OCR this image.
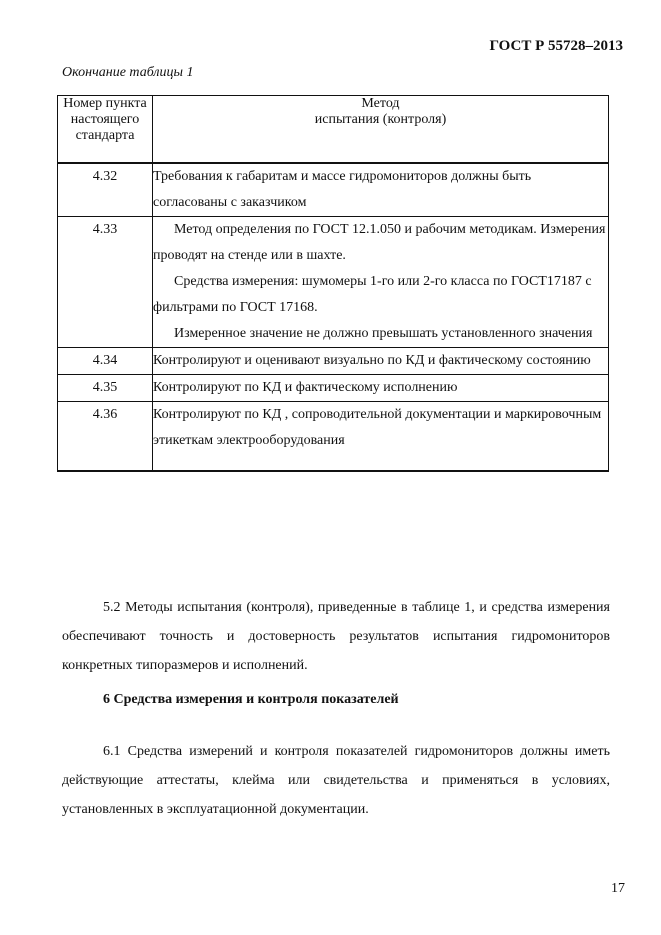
ГОСТ Р 55728–2013
Окончание таблицы 1
Номер пункта настоящего стандарта	Метод
испытания (контроля)

4.32	Требования к габаритам и массе гидромониторов должны быть согласованы с заказчиком

4.33	Метод определения по ГОСТ 12.1.050 и рабочим методикам. Измерения проводят на стенде или в шахте.

Средства измерения: шумомеры 1-го или 2-го класса по ГОСТ17187 с фильтрами по ГОСТ 17168.

Измеренное значение не должно превышать установленного значения

4.34	Контролируют и оценивают визуально по КД и фактическому состоянию

4.35	Контролируют по КД и фактическому исполнению

4.36	Контролируют по КД , сопроводительной документации и маркировочным этикеткам электрооборудования

5.2 Методы испытания (контроля), приведенные в таблице 1, и средства измерения обеспечивают точность и достоверность результатов испытания гидромониторов конкретных типоразмеров и исполнений.

6 Средства измерения и контроля показателей

6.1 Средства измерений и контроля показателей гидромониторов должны иметь действующие аттестаты, клейма или свидетельства и применяться в условиях, установленных в эксплуатационной документации.

17
